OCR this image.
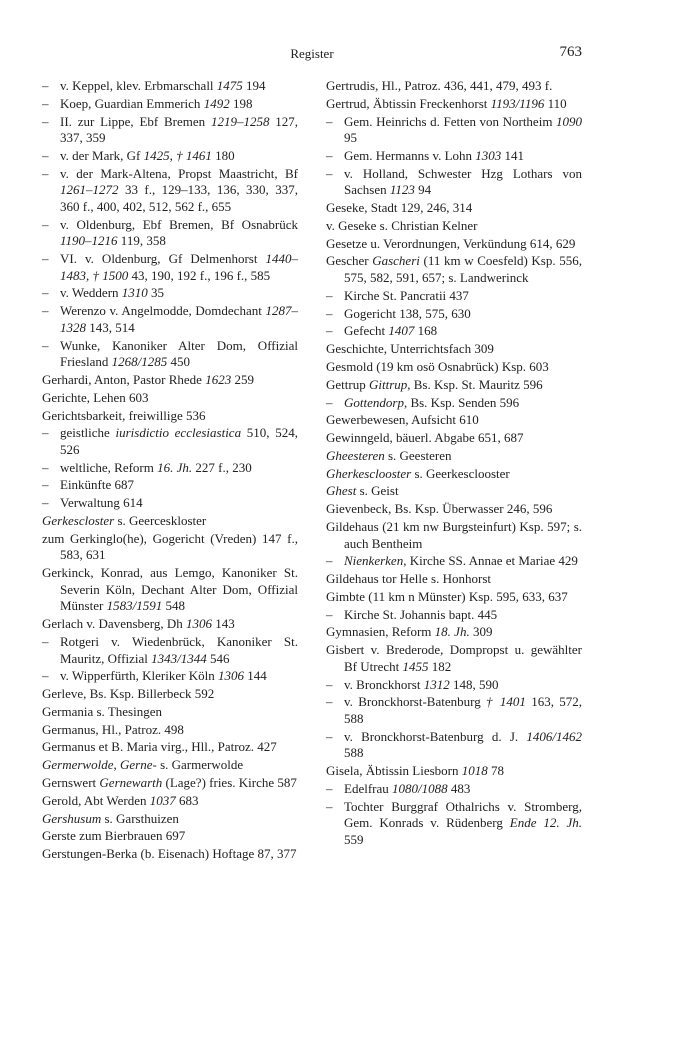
Register	763

– v. Keppel, klev. Erbmarschall 1475 194

– Koep, Guardian Emmerich 1492 198

– II. zur Lippe, Ebf Bremen 1219–1258 127, 337, 359

– v. der Mark, Gf 1425, † 1461 180

– v. der Mark-Altena, Propst Maastricht, Bf 1261–1272 33 f., 129–133, 136, 330, 337, 360 f., 400, 402, 512, 562 f., 655

– v. Oldenburg, Ebf Bremen, Bf Osnabrück 1190–1216 119, 358

– VI. v. Oldenburg, Gf Delmenhorst 1440–1483, † 1500 43, 190, 192 f., 196 f., 585

– v. Weddern 1310 35

– Werenzo v. Angelmodde, Domdechant 1287–1328 143, 514

– Wunke, Kanoniker Alter Dom, Offizial Friesland 1268/1285 450

Gerhardi, Anton, Pastor Rhede 1623 259

Gerichte, Lehen 603

Gerichtsbarkeit, freiwillige 536

– geistliche iurisdictio ecclesiastica 510, 524, 526

– weltliche, Reform 16. Jh. 227 f., 230

– Einkünfte 687

– Verwaltung 614

Gerkescloster s. Geerceskloster

zum Gerkinglo(he), Gogericht (Vreden) 147 f., 583, 631

Gerkinck, Konrad, aus Lemgo, Kanoniker St. Severin Köln, Dechant Alter Dom, Offizial Münster 1583/1591 548

Gerlach v. Davensberg, Dh 1306 143

– Rotgeri v. Wiedenbrück, Kanoniker St. Mauritz, Offizial 1343/1344 546

– v. Wipperfürth, Kleriker Köln 1306 144

Gerleve, Bs. Ksp. Billerbeck 592

Germania s. Thesingen

Germanus, Hl., Patroz. 498

Germanus et B. Maria virg., Hll., Patroz. 427

Germerwolde, Gerne- s. Garmerwolde

Gernswert Gernewarth (Lage?) fries. Kirche 587

Gerold, Abt Werden 1037 683

Gershusum s. Garsthuizen

Gerste zum Bierbrauen 697

Gerstungen-Berka (b. Eisenach) Hoftage 87, 377

Gertrudis, Hl., Patroz. 436, 441, 479, 493 f.

Gertrud, Äbtissin Freckenhorst 1193/1196 110

– Gem. Heinrichs d. Fetten von Northeim 1090 95

– Gem. Hermanns v. Lohn 1303 141

– v. Holland, Schwester Hzg Lothars von Sachsen 1123 94

Geseke, Stadt 129, 246, 314

v. Geseke s. Christian Kelner

Gesetze u. Verordnungen, Verkündung 614, 629

Gescher Gascheri (11 km w Coesfeld) Ksp. 556, 575, 582, 591, 657; s. Landwerinck

– Kirche St. Pancratii 437

– Gogericht 138, 575, 630

– Gefecht 1407 168

Geschichte, Unterrichtsfach 309

Gesmold (19 km osö Osnabrück) Ksp. 603

Gettrup Gittrup, Bs. Ksp. St. Mauritz 596

– Gottendorp, Bs. Ksp. Senden 596

Gewerbewesen, Aufsicht 610

Gewinngeld, bäuerl. Abgabe 651, 687

Gheesteren s. Geesteren

Gherkesclooster s. Geerkesclooster

Ghest s. Geist

Gievenbeck, Bs. Ksp. Überwasser 246, 596

Gildehaus (21 km nw Burgsteinfurt) Ksp. 597; s. auch Bentheim

– Nienkerken, Kirche SS. Annae et Mariae 429

Gildehaus tor Helle s. Honhorst

Gimbte (11 km n Münster) Ksp. 595, 633, 637

– Kirche St. Johannis bapt. 445

Gymnasien, Reform 18. Jh. 309

Gisbert v. Brederode, Dompropst u. gewählter Bf Utrecht 1455 182

– v. Bronckhorst 1312 148, 590

– v. Bronckhorst-Batenburg † 1401 163, 572, 588

– v. Bronckhorst-Batenburg d. J. 1406/1462 588

Gisela, Äbtissin Liesborn 1018 78

– Edelfrau 1080/1088 483

– Tochter Burggraf Othalrichs v. Stromberg, Gem. Konrads v. Rüdenberg Ende 12. Jh. 559
